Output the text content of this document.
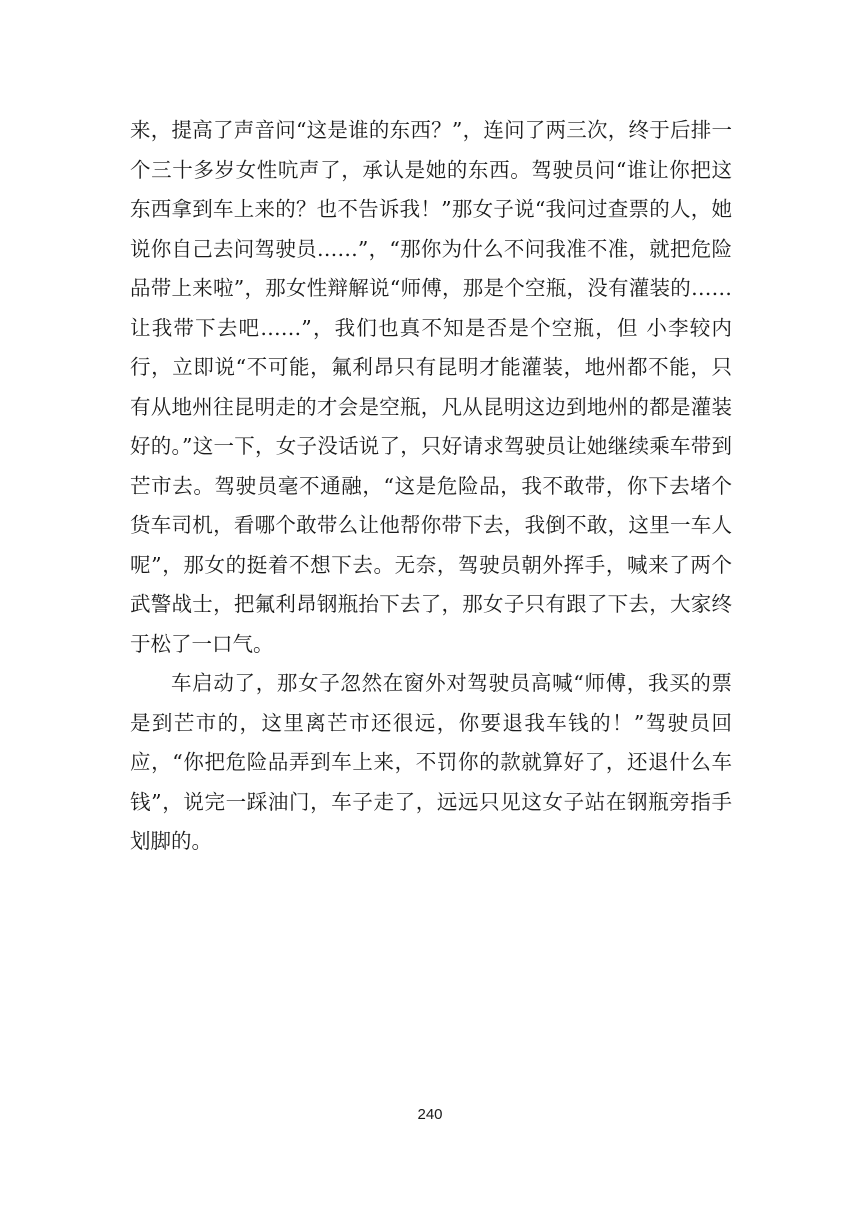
来，提高了声音问“这是谁的东西？”，连问了两三次，终于后排一个三十多岁女性吭声了，承认是她的东西。驾驶员问“谁让你把这东西拿到车上来的？也不告诉我！”那女子说“我问过查票的人，她说你自己去问驾驶员……”，“那你为什么不问我准不准，就把危险品带上来啦”，那女性辩解说“师傅，那是个空瓶，没有灌装的……让我带下去吧……”，我们也真不知是否是个空瓶，但 小李较内行，立即说“不可能，氟利昂只有昆明才能灌装，地州都不能，只有从地州往昆明走的才会是空瓶，凡从昆明这边到地州的都是灌装好的。”这一下，女子没话说了，只好请求驾驶员让她继续乘车带到芒市去。驾驶员毫不通融，“这是危险品，我不敢带，你下去堵个货车司机，看哪个敢带么让他帮你带下去，我倒不敢，这里一车人呢”，那女的挺着不想下去。无奈，驾驶员朝外挥手，喊来了两个武警战士，把氟利昂钢瓶抬下去了，那女子只有跟了下去，大家终于松了一口气。

车启动了，那女子忽然在窗外对驾驶员高喊“师傅，我买的票是到芒市的，这里离芒市还很远，你要退我车钱的！”驾驶员回应，“你把危险品弄到车上来，不罚你的款就算好了，还退什么车钱”，说完一踩油门，车子走了，远远只见这女子站在钢瓶旁指手划脚的。

240
